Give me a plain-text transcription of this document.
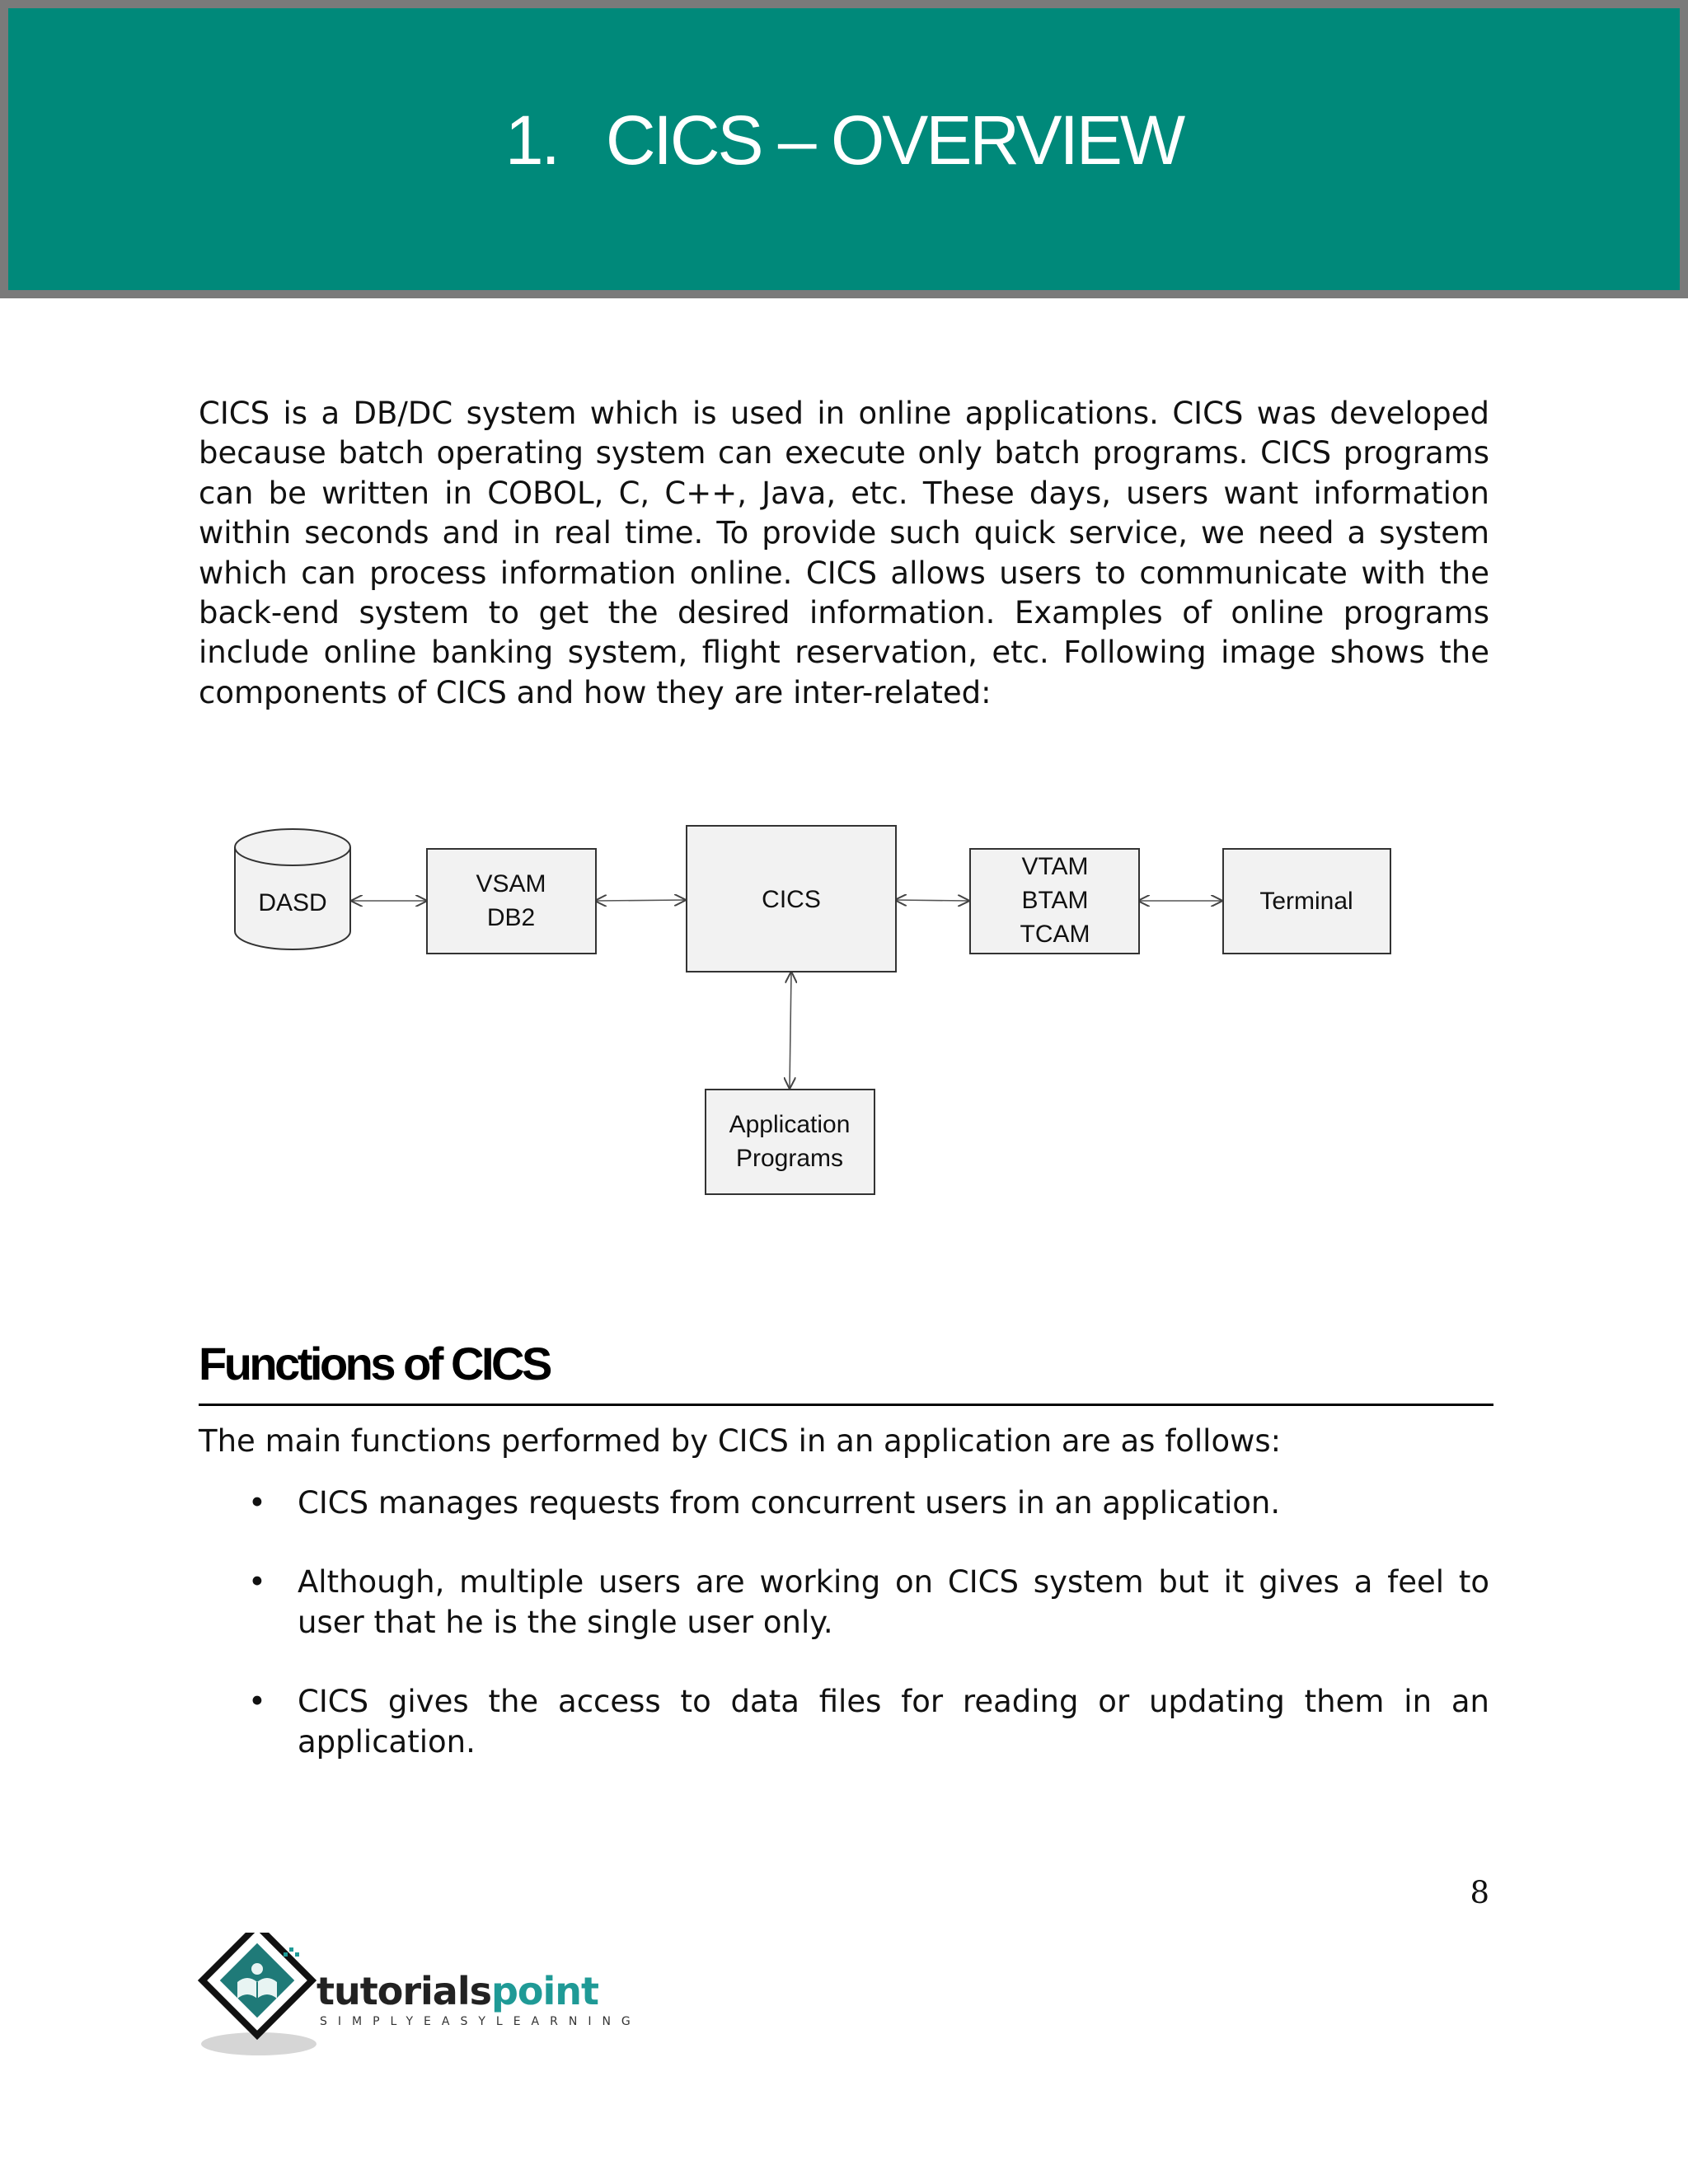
1. CICS – OVERVIEW

CICS is a DB/DC system which is used in online applications. CICS was developed because batch operating system can execute only batch programs. CICS programs can be written in COBOL, C, C++, Java, etc. These days, users want information within seconds and in real time. To provide such quick service, we need a system which can process information online. CICS allows users to communicate with the back-end system to get the desired information. Examples of online programs include online banking system, flight reservation, etc. Following image shows the components of CICS and how they are inter-related:

DASD
VSAM
DB2
CICS
VTAM
BTAM
TCAM
Terminal
Application
Programs
Functions of CICS

The main functions performed by CICS in an application are as follows:

• CICS manages requests from concurrent users in an application.
• Although, multiple users are working on CICS system but it gives a feel to user that he is the single user only.
• CICS gives the access to data files for reading or updating them in an application.
8
tutorialspoint
SIMPLYEASYLEARNING
